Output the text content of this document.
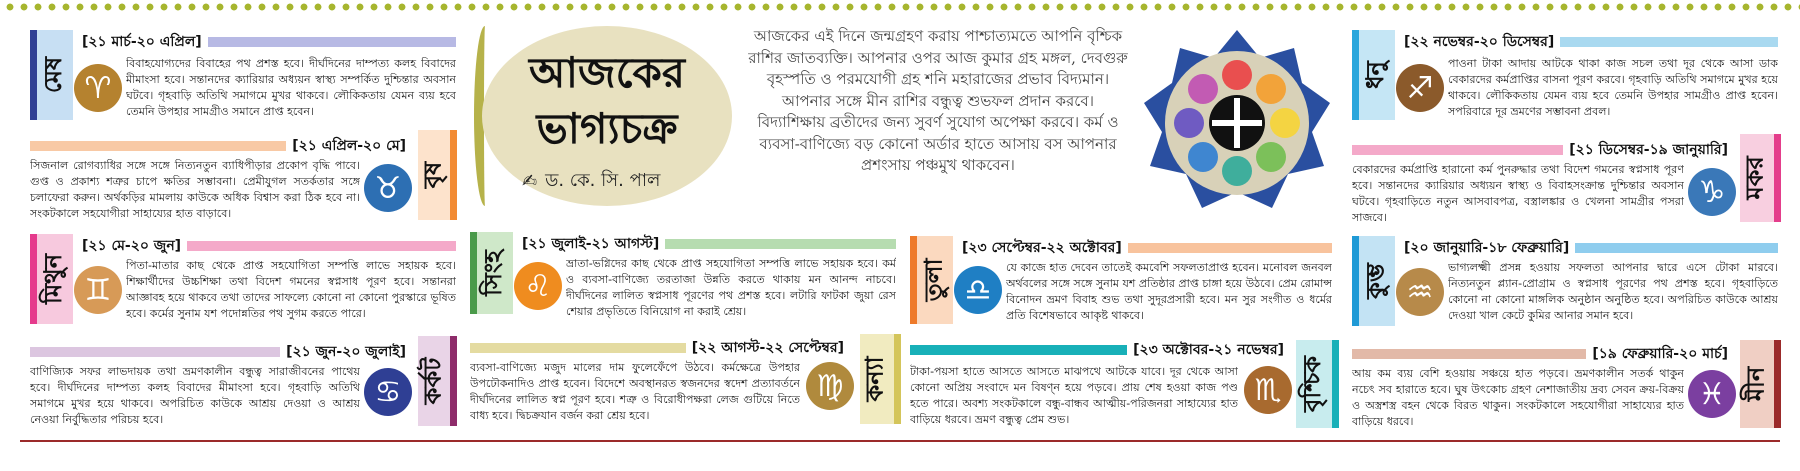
মেষ
[২১ মার্চ-২০ এপ্রিল]
♈
বিবাহযোগ্যদের বিবাহের পথ প্রশস্ত হবে। দীর্ঘদিনের দাম্পত্য কলহ বিবাদের মীমাংসা হবে। সন্তানদের ক্যারিয়ার অধ্যয়ন স্বাস্থ্য সম্পর্কিত দুশ্চিন্তার অবসান ঘটবে। গৃহবাড়ি অতিথি সমাগমে মুখর থাকবে। লৌকিকতায় যেমন ব্যয় হবে তেমনি উপহার সামগ্রীও সমানে প্রাপ্ত হবেন।
[২১ এপ্রিল-২০ মে]
বৃষ
সিজনাল রোগব্যাধির সঙ্গে সঙ্গে নিত্যনতুন ব্যাধিপীড়ার প্রকোপ বৃদ্ধি পাবে। গুপ্ত ও প্রকাশ্য শত্রুর চাপে ক্ষতির সম্ভাবনা। প্রেমীযুগল সতর্কতার সঙ্গে চলাফেরা করুন। অর্থকড়ির মামলায় কাউকে অধিক বিশ্বাস করা ঠিক হবে না। সংকটকালে সহযোগীরা সাহায্যের হাত বাড়াবে।
♉
মিথুন
[২১ মে-২০ জুন]
♊
পিতা-মাতার কাছ থেকে প্রাপ্ত সহযোগিতা সম্পত্তি লাভে সহায়ক হবে। শিক্ষার্থীদের উচ্চশিক্ষা তথা বিদেশ গমনের স্বপ্নসাধ পূরণ হবে। সন্তানরা আজ্ঞাবহ হয়ে থাকবে তথা তাদের সাফল্যে কোনো না কোনো পুরস্কারে ভূষিত হবে। কর্মের সুনাম যশ পদোন্নতির পথ সুগম করতে পারে।
[২১ জুন-২০ জুলাই]
কর্কট
বাণিজ্যিক সফর লাভদায়ক তথা ভ্রমণকালীন বন্ধুত্ব সারাজীবনের পাথেয় হবে। দীর্ঘদিনের দাম্পত্য কলহ বিবাদের মীমাংসা হবে। গৃহবাড়ি অতিথি সমাগমে মুখর হয়ে থাকবে। অপরিচিত কাউকে আশ্রয় দেওয়া ও আশ্রয় নেওয়া নির্বুদ্ধিতার পরিচয় হবে।
♋
আজকের
ভাগ্যচক্র
✍ ড. কে. সি. পাল
আজকের এই দিনে জন্মগ্রহণ করায় পাশ্চাত্যমতে আপনি বৃশ্চিক রাশির জাতব্যক্তি। আপনার ওপর আজ কুমার গ্রহ মঙ্গল, দেবগুরু বৃহস্পতি ও পরমযোগী গ্রহ শনি মহারাজের প্রভাব বিদ্যমান। আপনার সঙ্গে মীন রাশির বন্ধুত্ব শুভফল প্রদান করবে। বিদ্যাশিক্ষায় ব্রতীদের জন্য সুবর্ণ সুযোগ অপেক্ষা করবে। কর্ম ও ব্যবসা-বাণিজ্যে বড় কোনো অর্ডার হাতে আসায় বস আপনার প্রশংসায় পঞ্চমুখ থাকবেন।
সিংহ
[২১ জুলাই-২১ আগস্ট]
♌
ভ্রাতা-ভগ্নিদের কাছ থেকে প্রাপ্ত সহযোগিতা সম্পত্তি লাভে সহায়ক হবে। কর্ম ও ব্যবসা-বাণিজ্যে তরতাজা উন্নতি করতে থাকায় মন আনন্দ নাচবে। দীর্ঘদিনের লালিত স্বপ্নসাধ পূরণের পথ প্রশস্ত হবে। লটারি ফাটকা জুয়া রেস শেয়ার প্রভৃতিতে বিনিয়োগ না করাই শ্রেয়।
[২২ আগস্ট-২২ সেপ্টেম্বর]
কন্যা
ব্যবসা-বাণিজ্যে মজুদ মালের দাম ফুলেফেঁপে উঠবে। কর্মক্ষেত্রে উপহার উপঢৌকনাদিও প্রাপ্ত হবেন। বিদেশে অবস্থানরত স্বজনদের স্বদেশ প্রত্যাবর্তনে দীর্ঘদিনের লালিত স্বপ্ন পূরণ হবে। শত্রু ও বিরোধীপক্ষরা লেজ গুটিয়ে নিতে বাধ্য হবে। দ্বিচক্রযান বর্জন করা শ্রেয় হবে।
♍
তুলা
[২৩ সেপ্টেম্বর-২২ অক্টোবর]
♎
যে কাজে হাত দেবেন তাতেই কমবেশি সফলতাপ্রাপ্ত হবেন। মনোবল জনবল অর্থবলের সঙ্গে সঙ্গে সুনাম যশ প্রতিষ্ঠার প্রাপ্ত চাঙ্গা হয়ে উঠবে। প্রেম রোমান্স বিনোদন ভ্রমণ বিবাহ শুভ তথা সুদূরপ্রসারী হবে। মন সুর সংগীত ও ধর্মের প্রতি বিশেষভাবে আকৃষ্ট থাকবে।
[২৩ অক্টোবর-২১ নভেম্বর]
বৃশ্চিক
টাকা-পয়সা হাতে আসতে আসতে মাঝপথে আটকে যাবে। দূর থেকে আসা কোনো অপ্রিয় সংবাদে মন বিষণ্ন হয়ে পড়বে। প্রায় শেষ হওয়া কাজ পণ্ড হতে পারে। অবশ্য সংকটকালে বন্ধু-বান্ধব আত্মীয়-পরিজনরা সাহায্যের হাত বাড়িয়ে ধরবে। ভ্রমণ বন্ধুত্ব প্রেম শুভ।
♏
ধনু
[২২ নভেম্বর-২০ ডিসেম্বর]
♐
পাওনা টাকা আদায় আটকে থাকা কাজ সচল তথা দূর থেকে আসা ডাক বেকারদের কর্মপ্রাপ্তির বাসনা পূরণ করবে। গৃহবাড়ি অতিথি সমাগমে মুখর হয়ে থাকবে। লৌকিকতায় যেমন ব্যয় হবে তেমনি উপহার সামগ্রীও প্রাপ্ত হবেন। সপরিবারে দূর ভ্রমণের সম্ভাবনা প্রবল।
[২১ ডিসেম্বর-১৯ জানুয়ারি]
মকর
বেকারদের কর্মপ্রাপ্তি হারানো কর্ম পুনরুদ্ধার তথা বিদেশ গমনের স্বপ্নসাধ পূরণ হবে। সন্তানদের ক্যারিয়ার অধ্যয়ন স্বাস্থ্য ও বিবাহসংক্রান্ত দুশ্চিন্তার অবসান ঘটবে। গৃহবাড়িতে নতুন আসবাবপত্র, বস্ত্রালঙ্কার ও খেলনা সামগ্রীর পসরা সাজবে।
♑
কুম্ভ
[২০ জানুয়ারি-১৮ ফেব্রুয়ারি]
♒
ভাগ্যলক্ষ্মী প্রসন্ন হওয়ায় সফলতা আপনার দ্বারে এসে টোকা মারবে। নিত্যনতুন প্ল্যান-প্রোগ্রাম ও স্বপ্নসাধ পূরণের পথ প্রশস্ত হবে। গৃহবাড়িতে কোনো না কোনো মাঙ্গলিক অনুষ্ঠান অনুষ্ঠিত হবে। অপরিচিত কাউকে আশ্রয় দেওয়া খাল কেটে কুমির আনার সমান হবে।
[১৯ ফেব্রুয়ারি-২০ মার্চ]
মীন
আয় কম ব্যয় বেশি হওয়ায় সঞ্চয়ে হাত পড়বে। ভ্রমণকালীন সতর্ক থাকুন নচেৎ সব হারাতে হবে। ঘুষ উৎকোচ গ্রহণ নেশাজাতীয় দ্রব্য সেবন ক্রয়-বিক্রয় ও অস্ত্রশস্ত্র বহন থেকে বিরত থাকুন। সংকটকালে সহযোগীরা সাহায্যের হাত বাড়িয়ে ধরবে।
♓
